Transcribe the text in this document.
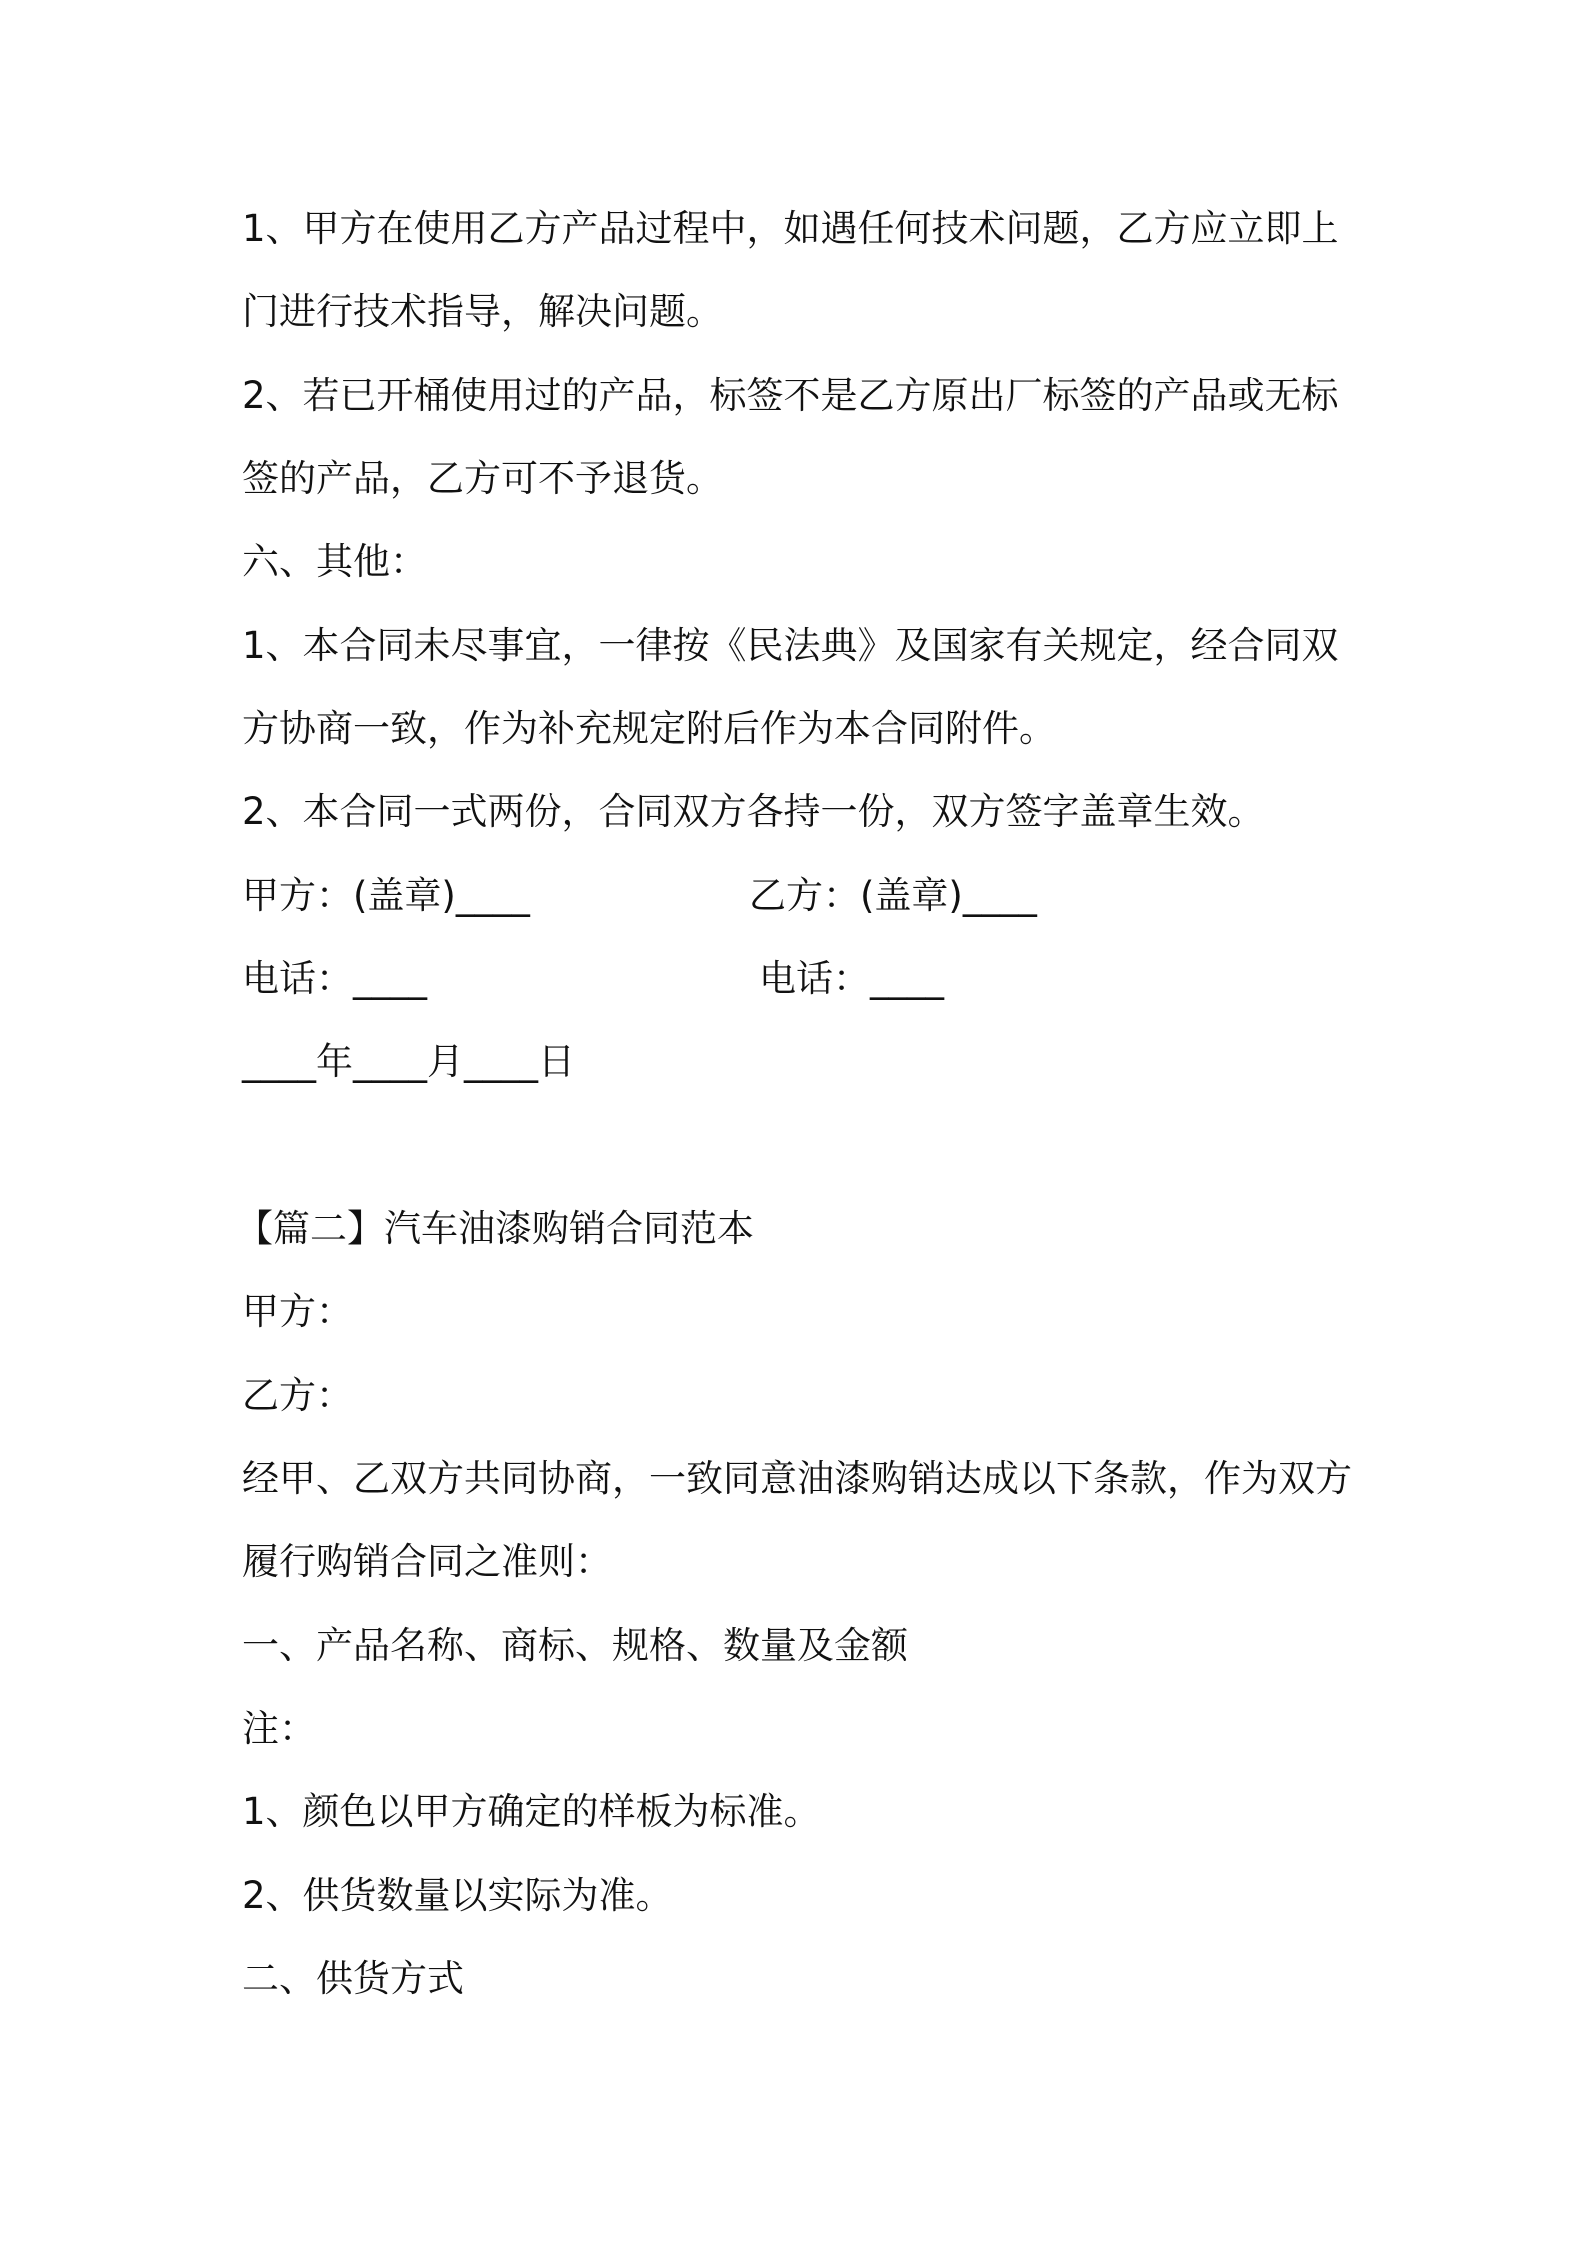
1、甲方在使用乙方产品过程中，如遇任何技术问题，乙方应立即上
门进行技术指导，解决问题。
2、若已开桶使用过的产品，标签不是乙方原出厂标签的产品或无标
签的产品，乙方可不予退货。
六、其他：
1、本合同未尽事宜，一律按《民法典》及国家有关规定，经合同双
方协商一致，作为补充规定附后作为本合同附件。
2、本合同一式两份，合同双方各持一份，双方签字盖章生效。
甲方：(盖章)____	乙方：(盖章)____
电话：____	电话：____
____年____月____日
【篇二】汽车油漆购销合同范本
甲方：
乙方：
经甲、乙双方共同协商，一致同意油漆购销达成以下条款，作为双方
履行购销合同之准则：
一、产品名称、商标、规格、数量及金额
注：
1、颜色以甲方确定的样板为标准。
2、供货数量以实际为准。
二、供货方式
